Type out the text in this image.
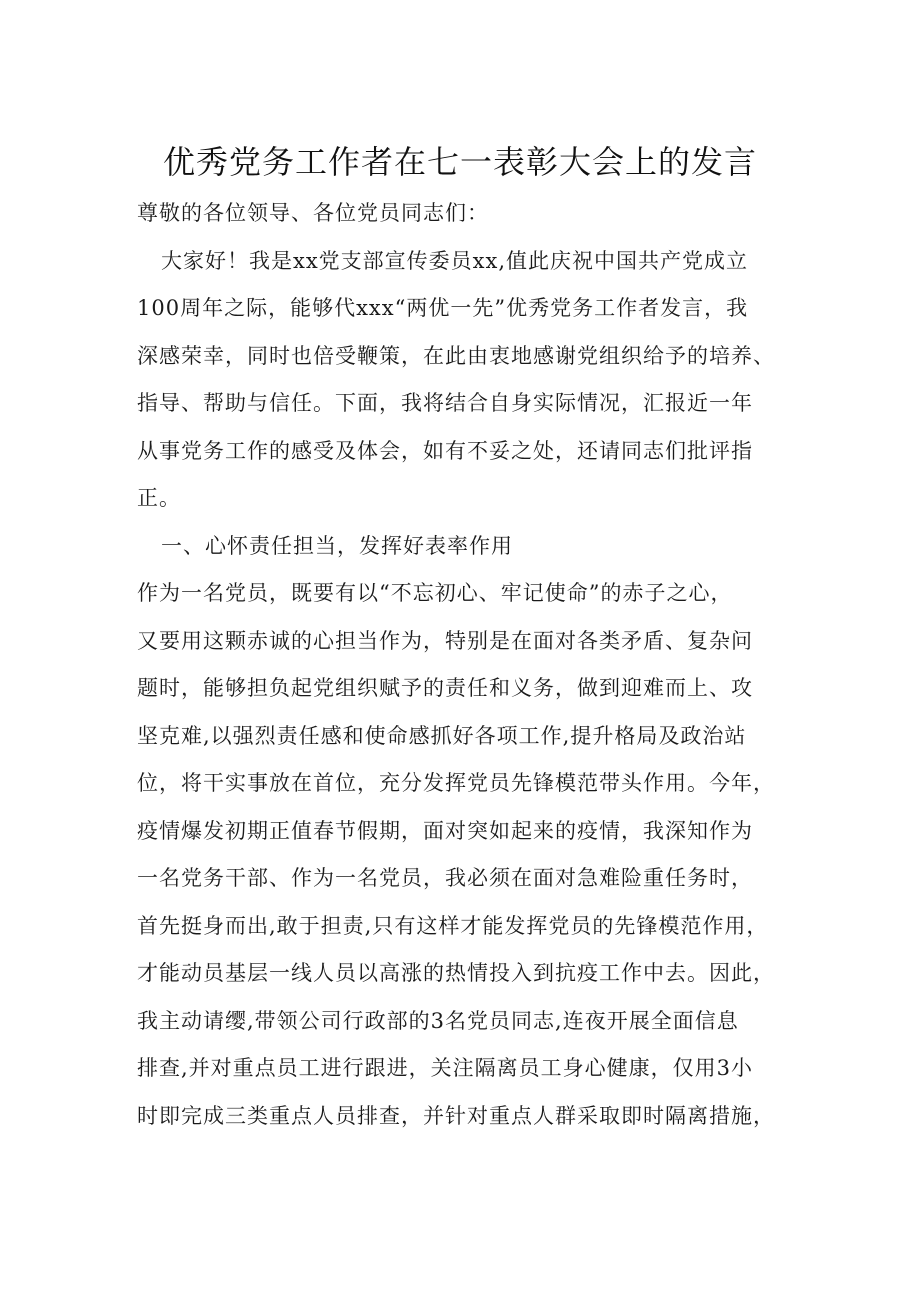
优秀党务工作者在七一表彰大会上的发言
尊敬的各位领导、各位党员同志们：
大家好！我是xx党支部宣传委员xx,值此庆祝中国共产党成立
100周年之际，能够代xxx“两优一先”优秀党务工作者发言，我
深感荣幸，同时也倍受鞭策，在此由衷地感谢党组织给予的培养、
指导、帮助与信任。下面，我将结合自身实际情况，汇报近一年
从事党务工作的感受及体会，如有不妥之处，还请同志们批评指
正。
一、心怀责任担当，发挥好表率作用
作为一名党员，既要有以“不忘初心、牢记使命”的赤子之心，
又要用这颗赤诚的心担当作为，特别是在面对各类矛盾、复杂问
题时，能够担负起党组织赋予的责任和义务，做到迎难而上、攻
坚克难,以强烈责任感和使命感抓好各项工作,提升格局及政治站
位，将干实事放在首位，充分发挥党员先锋模范带头作用。今年，
疫情爆发初期正值春节假期，面对突如起来的疫情，我深知作为
一名党务干部、作为一名党员，我必须在面对急难险重任务时，
首先挺身而出,敢于担责,只有这样才能发挥党员的先锋模范作用，
才能动员基层一线人员以高涨的热情投入到抗疫工作中去。因此，
我主动请缨,带领公司行政部的3名党员同志,连夜开展全面信息
排查,并对重点员工进行跟进，关注隔离员工身心健康，仅用3小
时即完成三类重点人员排查，并针对重点人群采取即时隔离措施，
